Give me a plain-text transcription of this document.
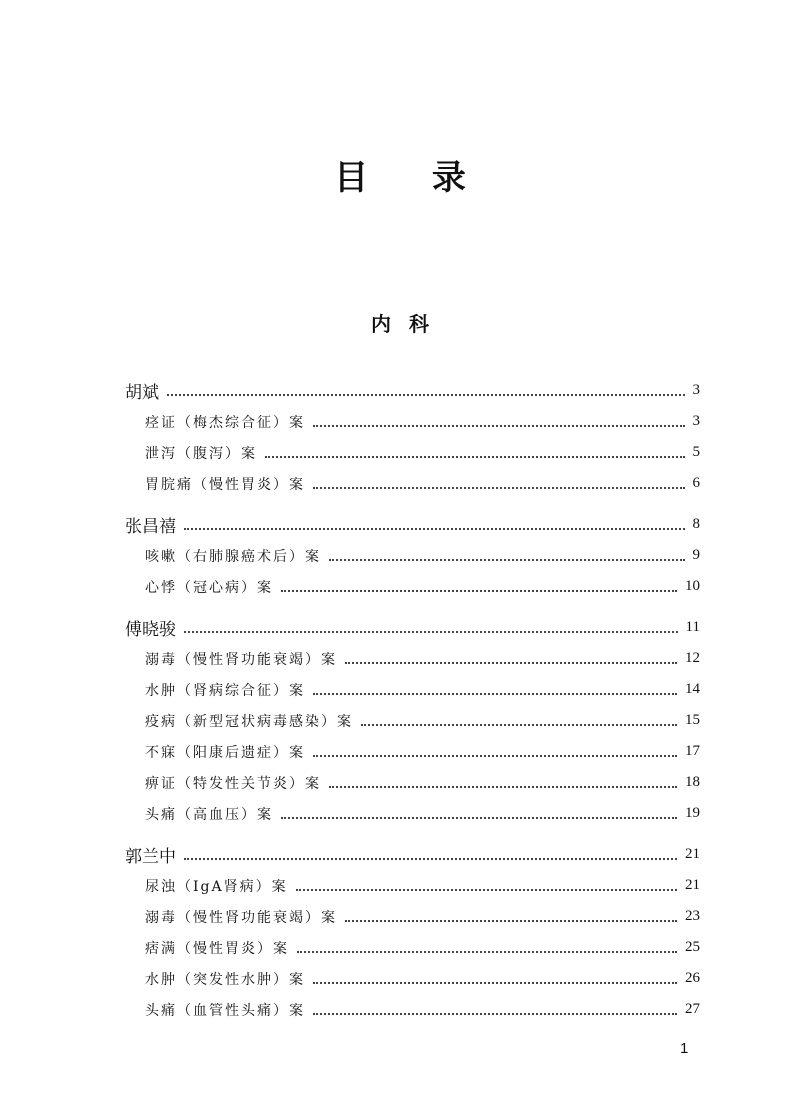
目 录
内科
胡斌	3
痉证（梅杰综合征）案	3
泄泻（腹泻）案	5
胃脘痛（慢性胃炎）案	6
张昌禧	8
咳嗽（右肺腺癌术后）案	9
心悸（冠心病）案	10
傅晓骏	11
溺毒（慢性肾功能衰竭）案	12
水肿（肾病综合征）案	14
疫病（新型冠状病毒感染）案	15
不寐（阳康后遗症）案	17
痹证（特发性关节炎）案	18
头痛（高血压）案	19
郭兰中	21
尿浊（IgA肾病）案	21
溺毒（慢性肾功能衰竭）案	23
痞满（慢性胃炎）案	25
水肿（突发性水肿）案	26
头痛（血管性头痛）案	27
1
